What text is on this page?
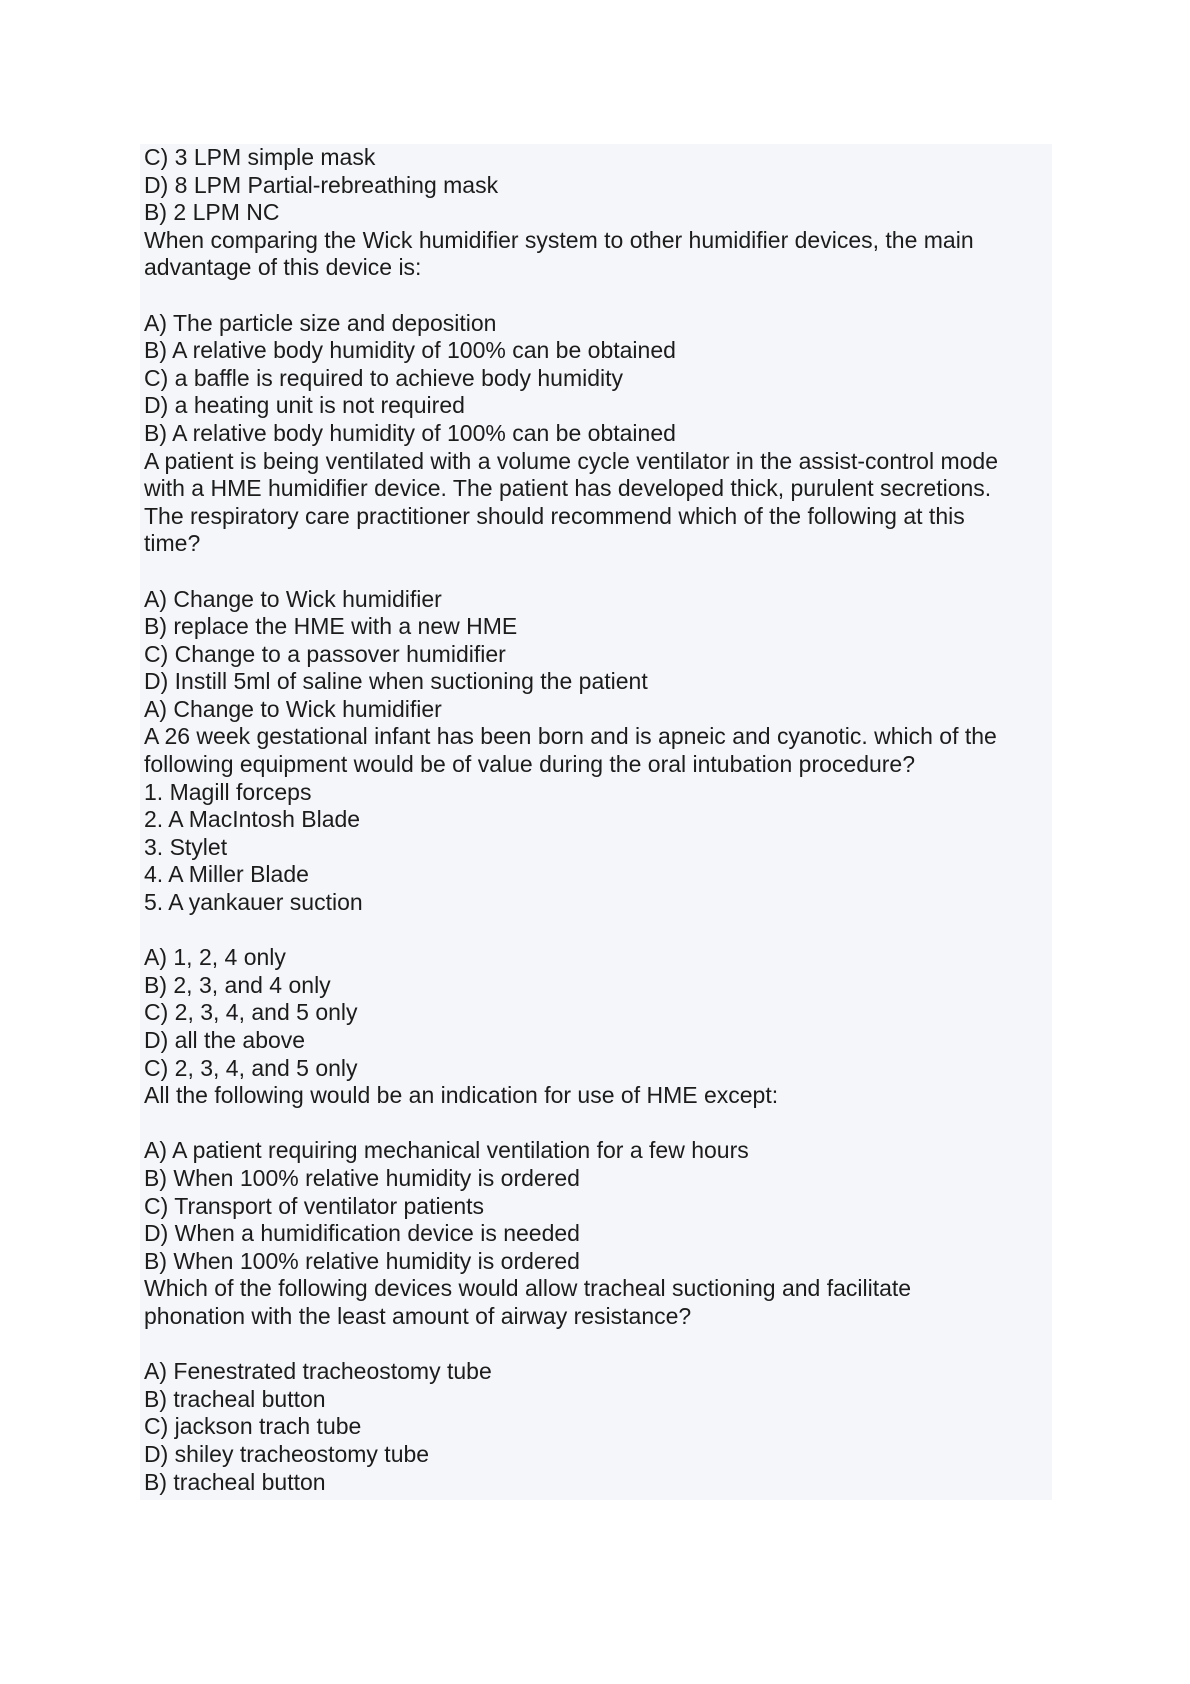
C) 3 LPM simple mask

D) 8 LPM Partial-rebreathing mask

B) 2 LPM NC

When comparing the Wick humidifier system to other humidifier devices, the main

advantage of this device is:

A) The particle size and deposition

B) A relative body humidity of 100% can be obtained

C) a baffle is required to achieve body humidity

D) a heating unit is not required

B) A relative body humidity of 100% can be obtained

A patient is being ventilated with a volume cycle ventilator in the assist-control mode

with a HME humidifier device. The patient has developed thick, purulent secretions.

The respiratory care practitioner should recommend which of the following at this

time?

A) Change to Wick humidifier

B) replace the HME with a new HME

C) Change to a passover humidifier

D) Instill 5ml of saline when suctioning the patient

A) Change to Wick humidifier

A 26 week gestational infant has been born and is apneic and cyanotic. which of the

following equipment would be of value during the oral intubation procedure?

1. Magill forceps

2. A MacIntosh Blade

3. Stylet

4. A Miller Blade

5. A yankauer suction

A) 1, 2, 4 only

B) 2, 3, and 4 only

C) 2, 3, 4, and 5 only

D) all the above

C) 2, 3, 4, and 5 only

All the following would be an indication for use of HME except:

A) A patient requiring mechanical ventilation for a few hours

B) When 100% relative humidity is ordered

C) Transport of ventilator patients

D) When a humidification device is needed

B) When 100% relative humidity is ordered

Which of the following devices would allow tracheal suctioning and facilitate

phonation with the least amount of airway resistance?

A) Fenestrated tracheostomy tube

B) tracheal button

C) jackson trach tube

D) shiley tracheostomy tube

B) tracheal button
